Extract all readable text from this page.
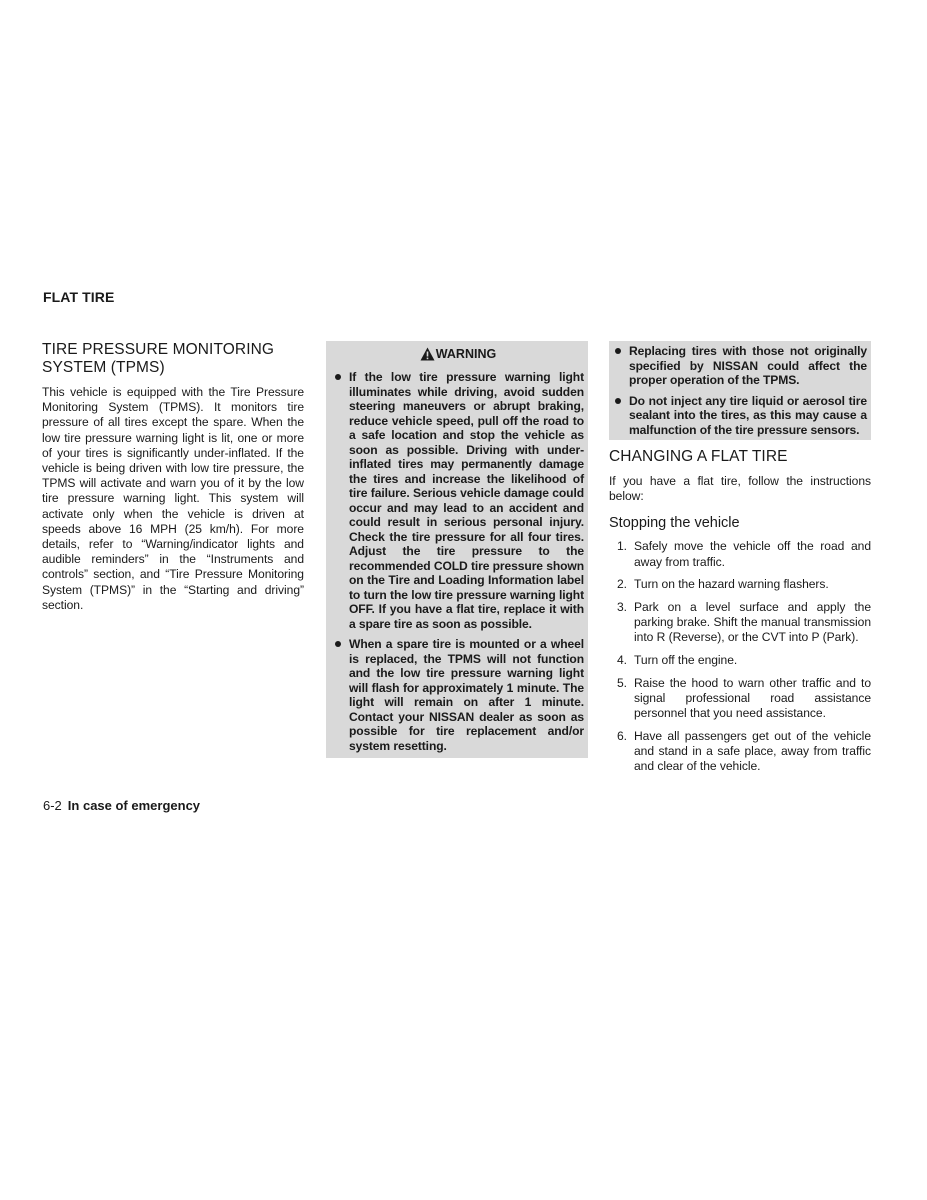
FLAT TIRE
TIRE PRESSURE MONITORING SYSTEM (TPMS)

This vehicle is equipped with the Tire Pressure Monitoring System (TPMS). It monitors tire pressure of all tires except the spare. When the low tire pressure warning light is lit, one or more of your tires is significantly under-inflated. If the vehicle is being driven with low tire pressure, the TPMS will activate and warn you of it by the low tire pressure warning light. This system will activate only when the vehicle is driven at speeds above 16 MPH (25 km/h). For more details, refer to “Warning/indicator lights and audible reminders” in the “Instruments and controls” section, and “Tire Pressure Monitoring System (TPMS)” in the “Starting and driving” section.

WARNING
If the low tire pressure warning light illuminates while driving, avoid sudden steering maneuvers or abrupt braking, reduce vehicle speed, pull off the road to a safe location and stop the vehicle as soon as possible. Driving with under-inflated tires may permanently damage the tires and increase the likelihood of tire failure. Serious vehicle damage could occur and may lead to an accident and could result in serious personal injury. Check the tire pressure for all four tires. Adjust the tire pressure to the recommended COLD tire pressure shown on the Tire and Loading Information label to turn the low tire pressure warning light OFF. If you have a flat tire, replace it with a spare tire as soon as possible.
When a spare tire is mounted or a wheel is replaced, the TPMS will not function and the low tire pressure warning light will flash for approximately 1 minute. The light will remain on after 1 minute. Contact your NISSAN dealer as soon as possible for tire replacement and/or system resetting.
Replacing tires with those not originally specified by NISSAN could affect the proper operation of the TPMS.
Do not inject any tire liquid or aerosol tire sealant into the tires, as this may cause a malfunction of the tire pressure sensors.
CHANGING A FLAT TIRE

If you have a flat tire, follow the instructions below:

Stopping the vehicle
1. Safely move the vehicle off the road and away from traffic.
2. Turn on the hazard warning flashers.
3. Park on a level surface and apply the parking brake. Shift the manual transmission into R (Reverse), or the CVT into P (Park).
4. Turn off the engine.
5. Raise the hood to warn other traffic and to signal professional road assistance personnel that you need assistance.
6. Have all passengers get out of the vehicle and stand in a safe place, away from traffic and clear of the vehicle.
6-2 In case of emergency
